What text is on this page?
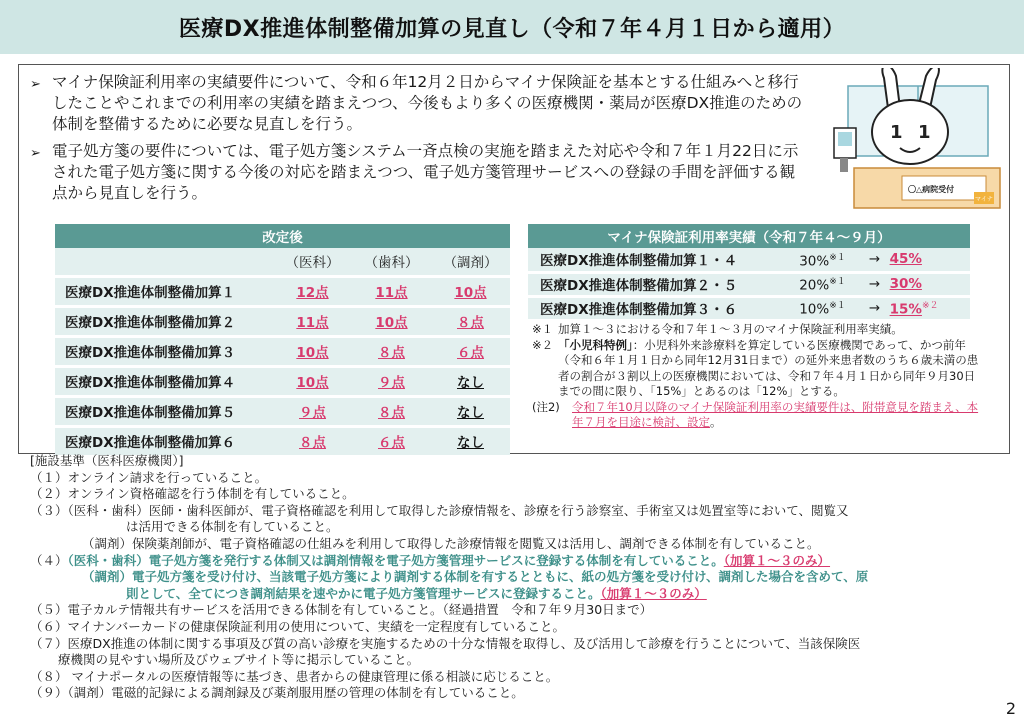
医療DX推進体制整備加算の見直し（令和７年４月１日から適用）
➢ マイナ保険証利用率の実績要件について、令和６年12月２日からマイナ保険証を基本とする仕組みへと移行したことやこれまでの利用率の実績を踏まえつつ、今後もより多くの医療機関・薬局が医療DX推進のための体制を整備するために必要な見直しを行う。
➢ 電子処方箋の要件については、電子処方箋システム一斉点検の実施を踏まえた対応や令和７年１月22日に示された電子処方箋に関する今後の対応を踏まえつつ、電子処方箋管理サービスへの登録の手間を評価する観点から見直しを行う。
1 1
〇△病院受付
マイナ
改定後			
	（医科）	（歯科）	（調剤）
医療DX推進体制整備加算１	12点	11点	10点
医療DX推進体制整備加算２	11点	10点	８点
医療DX推進体制整備加算３	10点	８点	６点
医療DX推進体制整備加算４	10点	９点	なし
医療DX推進体制整備加算５	９点	８点	なし
医療DX推進体制整備加算６	８点	６点	なし
マイナ保険証利用率実績（令和７年４～９月）			
医療DX推進体制整備加算１・４	30%$^{※1}$	→	45%
医療DX推進体制整備加算２・５	20%$^{※1}$	→	30%
医療DX推進体制整備加算３・６	10%$^{※1}$	→	15%$^{※2}$
※１ 加算１～３における令和７年１～３月のマイナ保険証利用率実績。
※２ 「小児科特例」：小児科外来診療料を算定している医療機関であって、かつ前年（令和６年１月１日から同年12月31日まで）の延外来患者数のうち６歳未満の患者の割合が３割以上の医療機関においては、令和７年４月１日から同年９月30日までの間に限り、「15%」とあるのは「12%」とする。
(注2)	令和７年10月以降のマイナ保険証利用率の実績要件は、附帯意見を踏まえ、本年７月を目途に検討、設定。
[施設基準（医科医療機関）]
（１）オンライン請求を行っていること。
（２）オンライン資格確認を行う体制を有していること。
（３）（医科・歯科）医師・歯科医師が、電子資格確認を利用して取得した診療情報を、診療を行う診察室、手術室又は処置室等において、閲覧又
は活用できる体制を有していること。
（調剤）保険薬剤師が、電子資格確認の仕組みを利用して取得した診療情報を閲覧又は活用し、調剤できる体制を有していること。
（４）（医科・歯科）電子処方箋を発行する体制又は調剤情報を電子処方箋管理サービスに登録する体制を有していること。（加算１～３のみ）
（調剤）電子処方箋を受け付け、当該電子処方箋により調剤する体制を有するとともに、紙の処方箋を受け付け、調剤した場合を含めて、原
則として、全てにつき調剤結果を速やかに電子処方箋管理サービスに登録すること。（加算１～３のみ）
（５）電子カルテ情報共有サービスを活用できる体制を有していること。（経過措置　令和７年９月30日まで）
（６）マイナンバーカードの健康保険証利用の使用について、実績を一定程度有していること。
（７）医療DX推進の体制に関する事項及び質の高い診療を実施するための十分な情報を取得し、及び活用して診療を行うことについて、当該保険医
療機関の見やすい場所及びウェブサイト等に掲示していること。
（８） マイナポータルの医療情報等に基づき、患者からの健康管理に係る相談に応じること。
（９）（調剤）電磁的記録による調剤録及び薬剤服用歴の管理の体制を有していること。
2
